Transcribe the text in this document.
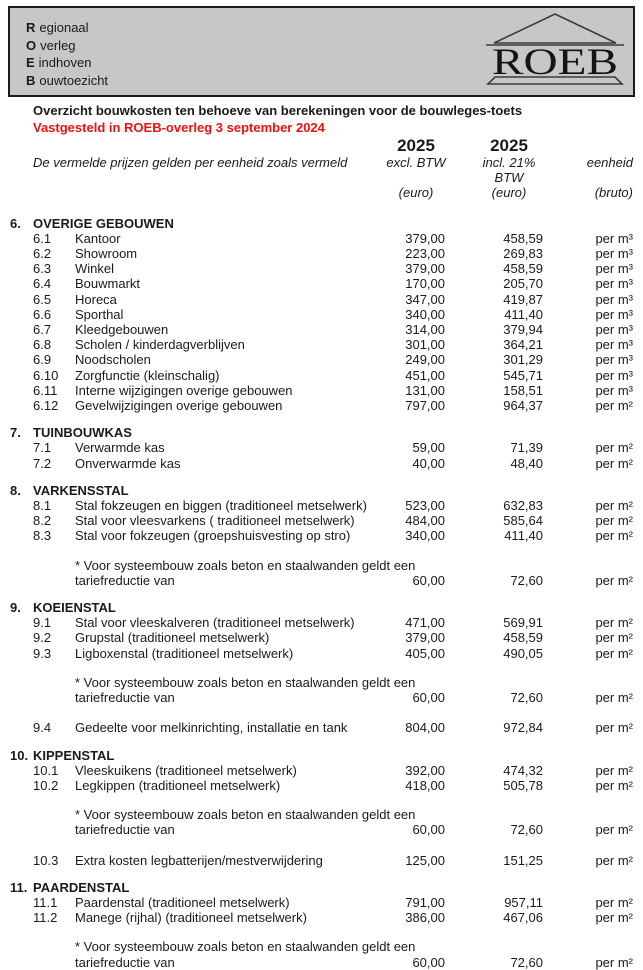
R egionaal
O verleg
E indhoven
B ouwtoezicht	ROEB
Overzicht bouwkosten ten behoeve van berekeningen voor de bouwleges-toets
Vastgesteld in ROEB-overleg 3 september 2024
2025	2025
De vermelde prijzen gelden per eenheid zoals vermeld	excl. BTW	incl. 21% BTW
eenheid
(euro)	(euro)	(bruto)
6. OVERIGE GEBOUWEN
6.1	Kantoor	379,00	458,59	per m³
6.2	Showroom	223,00	269,83	per m³
6.3	Winkel	379,00	458,59	per m³
6.4	Bouwmarkt	170,00	205,70	per m³
6.5	Horeca	347,00	419,87	per m³
6.6	Sporthal	340,00	411,40	per m³
6.7	Kleedgebouwen	314,00	379,94	per m³
6.8	Scholen / kinderdagverblijven	301,00	364,21	per m³
6.9	Noodscholen	249,00	301,29	per m³
6.10	Zorgfunctie (kleinschalig)	451,00	545,71	per m³
6.11	Interne wijzigingen overige gebouwen	131,00	158,51	per m³
6.12	Gevelwijzigingen overige gebouwen	797,00	964,37	per m²
7. TUINBOUWKAS
7.1	Verwarmde kas	59,00	71,39	per m²
7.2	Onverwarmde kas	40,00	48,40	per m²
8. VARKENSSTAL
8.1	Stal fokzeugen en biggen (traditioneel metselwerk)	523,00	632,83	per m²
8.2	Stal voor vleesvarkens ( traditioneel metselwerk)	484,00	585,64	per m²
8.3	Stal voor fokzeugen (groepshuisvesting op stro)	340,00	411,40	per m²
* Voor systeembouw zoals beton en staalwanden geldt een
tariefreductie van	60,00	72,60	per m²
9. KOEIENSTAL
9.1	Stal voor vleeskalveren (traditioneel metselwerk)	471,00	569,91	per m²
9.2	Grupstal (traditioneel metselwerk)	379,00	458,59	per m²
9.3	Ligboxenstal (traditioneel metselwerk)	405,00	490,05	per m²
* Voor systeembouw zoals beton en staalwanden geldt een
tariefreductie van	60,00	72,60	per m²
9.4	Gedeelte voor melkinrichting, installatie en tank	804,00	972,84	per m²
10. KIPPENSTAL
10.1	Vleeskuikens (traditioneel metselwerk)	392,00	474,32	per m²
10.2	Legkippen (traditioneel metselwerk)	418,00	505,78	per m²
* Voor systeembouw zoals beton en staalwanden geldt een
tariefreductie van	60,00	72,60	per m²
10.3	Extra kosten legbatterijen/mestverwijdering	125,00	151,25	per m²
11. PAARDENSTAL
11.1	Paardenstal (traditioneel metselwerk)	791,00	957,11	per m²
11.2	Manege (rijhal) (traditioneel metselwerk)	386,00	467,06	per m²
* Voor systeembouw zoals beton en staalwanden geldt een
tariefreductie van	60,00	72,60	per m²
